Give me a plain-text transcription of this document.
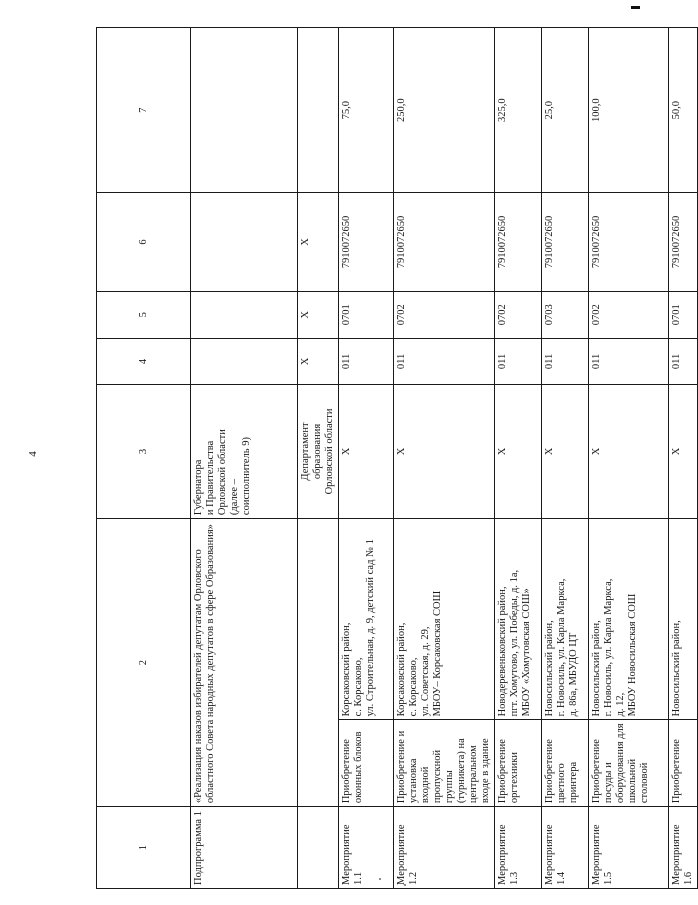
4
1	2		3	4	5	6	7
Подпрограмма 1	«Реализация наказов избирателей депутатам Орловского областного Совета народных депутатов в сфере Образования»		Губернатора
и Правительства
Орловской области
(далее –
соисполнитель 9)				
			Департамент
образования
Орловской области	X	X	X	
Мероприятие 1.1	Приобретение оконных блоков	Корсаковский район,
с. Корсаково,
ул. Строительная, д. 9, детский сад № 1	X	011	0701	7910072650	75,0
Мероприятие 1.2	Приобретение и установка входной пропускной группы (турникета) на центральном входе в здание	Корсаковский район,
с. Корсаково,
ул. Советская, д. 29,
МБОУ– Корсаковская СОШ	X	011	0702	7910072650	250,0
Мероприятие 1.3	Приобретение оргтехники	Новодеревеньковский район,
пгт. Хомутово, ул. Победы, д. 1а,
МБОУ «Хомутовская СОШ»	X	011	0702	7910072650	325,0
Мероприятие 1.4	Приобретение цветного принтера	Новосильский район,
г. Новосиль, ул. Карла Маркса,
д. 86а, МБУДО ЦТ	X	011	0703	7910072650	25,0
Мероприятие 1.5	Приобретение посуды и оборудования для школьной столовой	Новосильский район,
г. Новосиль, ул. Карла Маркса,
д. 12,
МБОУ Новосильская СОШ	X	011	0702	7910072650	100,0
Мероприятие 1.6	Приобретение	Новосильский район,	X	011	0701	7910072650	50,0
